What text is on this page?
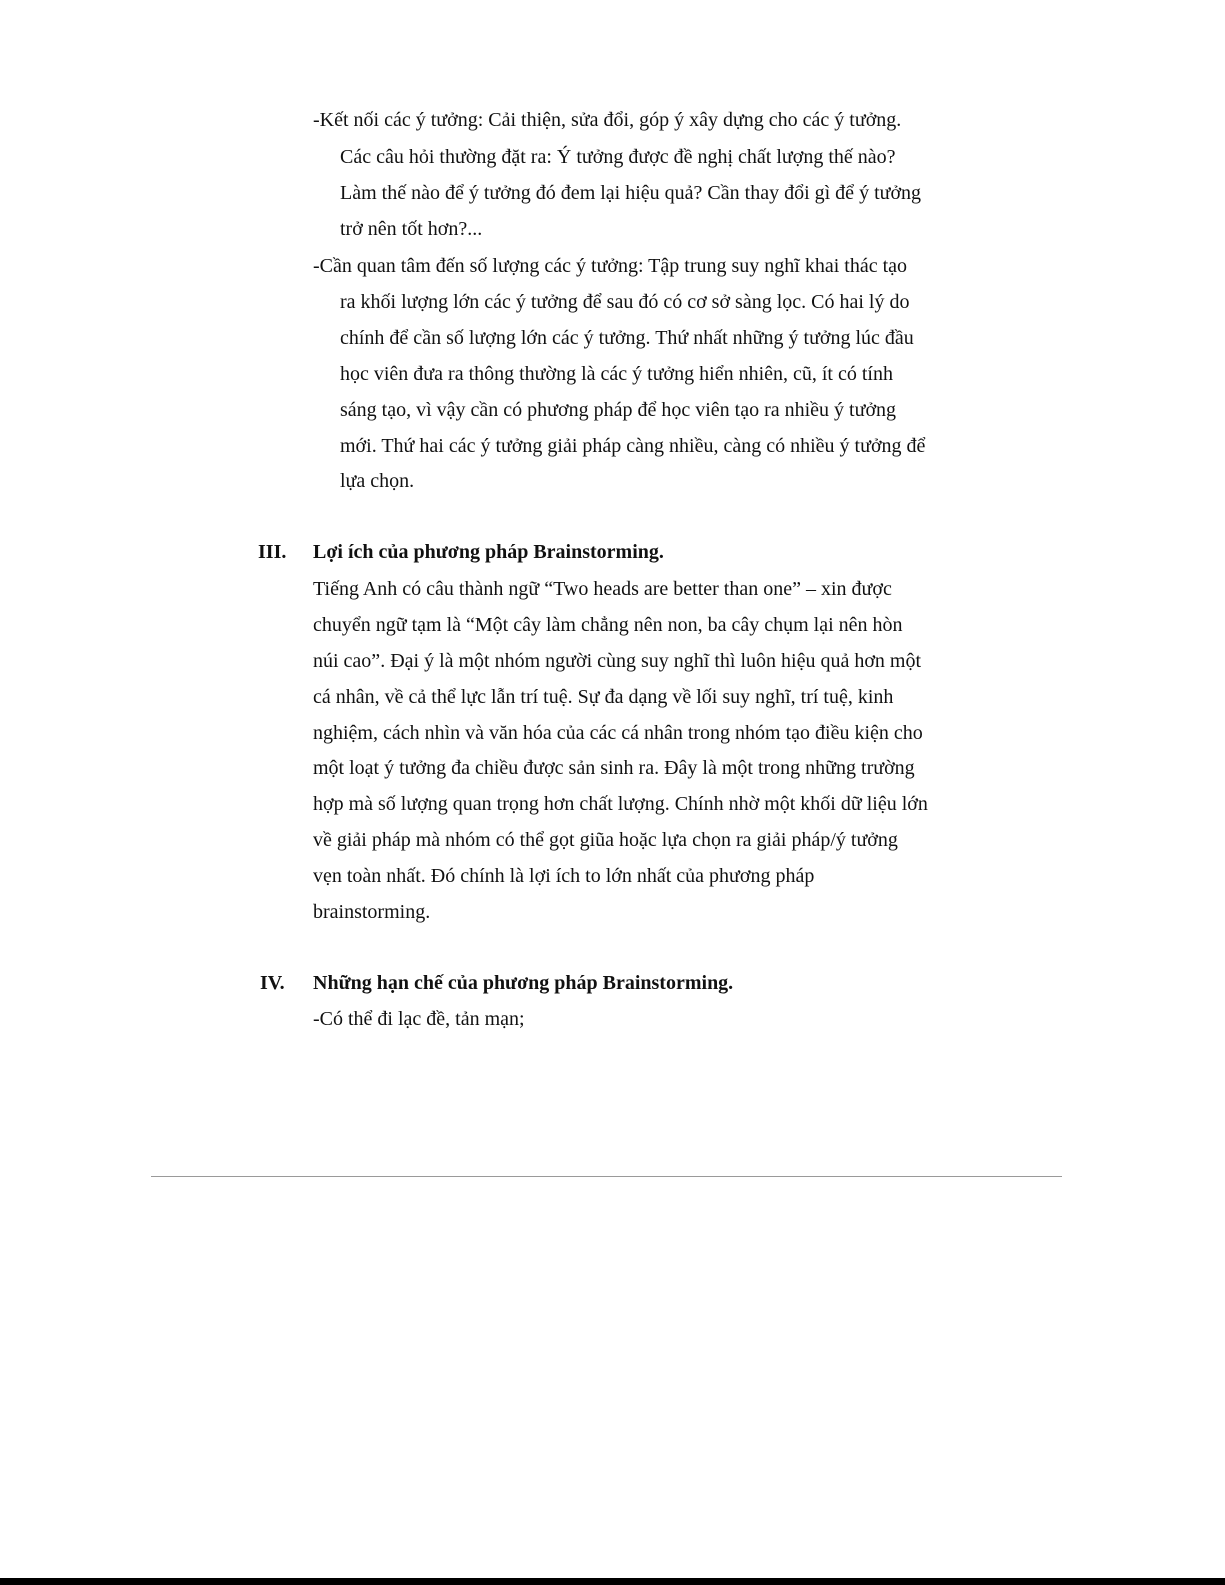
-Kết nối các ý tưởng: Cải thiện, sửa đổi, góp ý xây dựng cho các ý tưởng.
Các câu hỏi thường đặt ra: Ý tưởng được đề nghị chất lượng thế nào?
Làm thế nào để ý tưởng đó đem lại hiệu quả? Cần thay đổi gì để ý tưởng
trở nên tốt hơn?...
-Cần quan tâm đến số lượng các ý tưởng: Tập trung suy nghĩ khai thác tạo
ra khối lượng lớn các ý tưởng để sau đó có cơ sở sàng lọc. Có hai lý do
chính để cần số lượng lớn các ý tưởng. Thứ nhất những ý tưởng lúc đầu
học viên đưa ra thông thường là các ý tưởng hiển nhiên, cũ, ít có tính
sáng tạo, vì vậy cần có phương pháp để học viên tạo ra nhiều ý tưởng
mới. Thứ hai các ý tưởng giải pháp càng nhiều, càng có nhiều ý tưởng để
lựa chọn.
III. Lợi ích của phương pháp Brainstorming.
Tiếng Anh có câu thành ngữ “Two heads are better than one” – xin được
chuyển ngữ tạm là “Một cây làm chẳng nên non, ba cây chụm lại nên hòn
núi cao”. Đại ý là một nhóm người cùng suy nghĩ thì luôn hiệu quả hơn một
cá nhân, về cả thể lực lẫn trí tuệ. Sự đa dạng về lối suy nghĩ, trí tuệ, kinh
nghiệm, cách nhìn và văn hóa của các cá nhân trong nhóm tạo điều kiện cho
một loạt ý tưởng đa chiều được sản sinh ra. Đây là một trong những trường
hợp mà số lượng quan trọng hơn chất lượng. Chính nhờ một khối dữ liệu lớn
về giải pháp mà nhóm có thể gọt giũa hoặc lựa chọn ra giải pháp/ý tưởng
vẹn toàn nhất. Đó chính là lợi ích to lớn nhất của phương pháp
brainstorming.
IV. Những hạn chế của phương pháp Brainstorming.
-Có thể đi lạc đề, tản mạn;
